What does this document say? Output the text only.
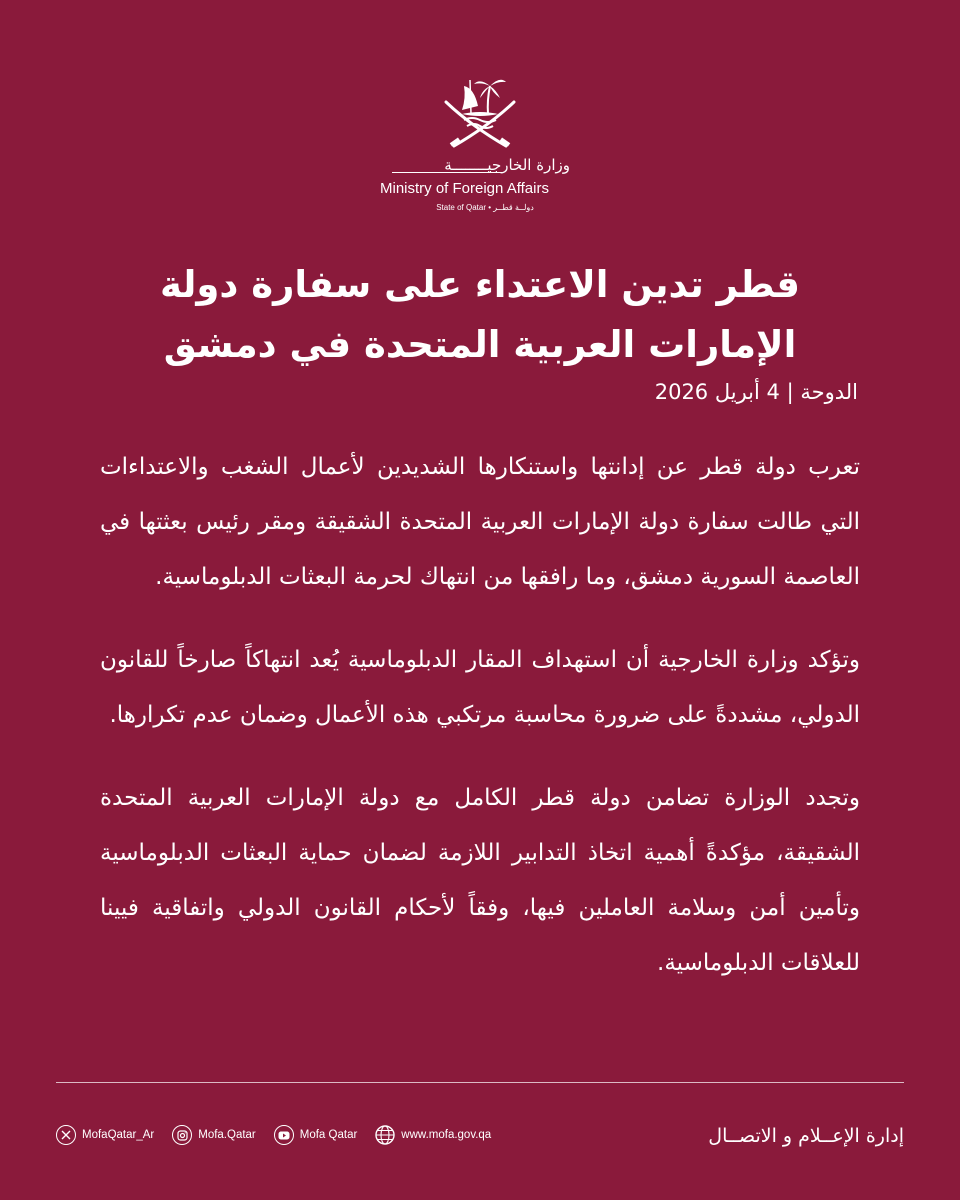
وزارة الخارجيــــــــة
Ministry of Foreign Affairs
State of Qatar • دولــة قطــر
قطر تدين الاعتداء على سفارة دولة الإمارات العربية المتحدة في دمشق

الدوحة | 4 أبريل 2026

تعرب دولة قطر عن إدانتها واستنكارها الشديدين لأعمال الشغب والاعتداءات التي طالت سفارة دولة الإمارات العربية المتحدة الشقيقة ومقر رئيس بعثتها في العاصمة السورية دمشق، وما رافقها من انتهاك لحرمة البعثات الدبلوماسية.

وتؤكد وزارة الخارجية أن استهداف المقار الدبلوماسية يُعد انتهاكاً صارخاً للقانون الدولي، مشددةً على ضرورة محاسبة مرتكبي هذه الأعمال وضمان عدم تكرارها.

وتجدد الوزارة تضامن دولة قطر الكامل مع دولة الإمارات العربية المتحدة الشقيقة، مؤكدةً أهمية اتخاذ التدابير اللازمة لضمان حماية البعثات الدبلوماسية وتأمين أمن وسلامة العاملين فيها، وفقاً لأحكام القانون الدولي واتفاقية فيينا للعلاقات الدبلوماسية.

MofaQatar_Ar	Mofa.Qatar	Mofa Qatar	www.mofa.gov.qa	إدارة الإعــلام و الاتصــال
